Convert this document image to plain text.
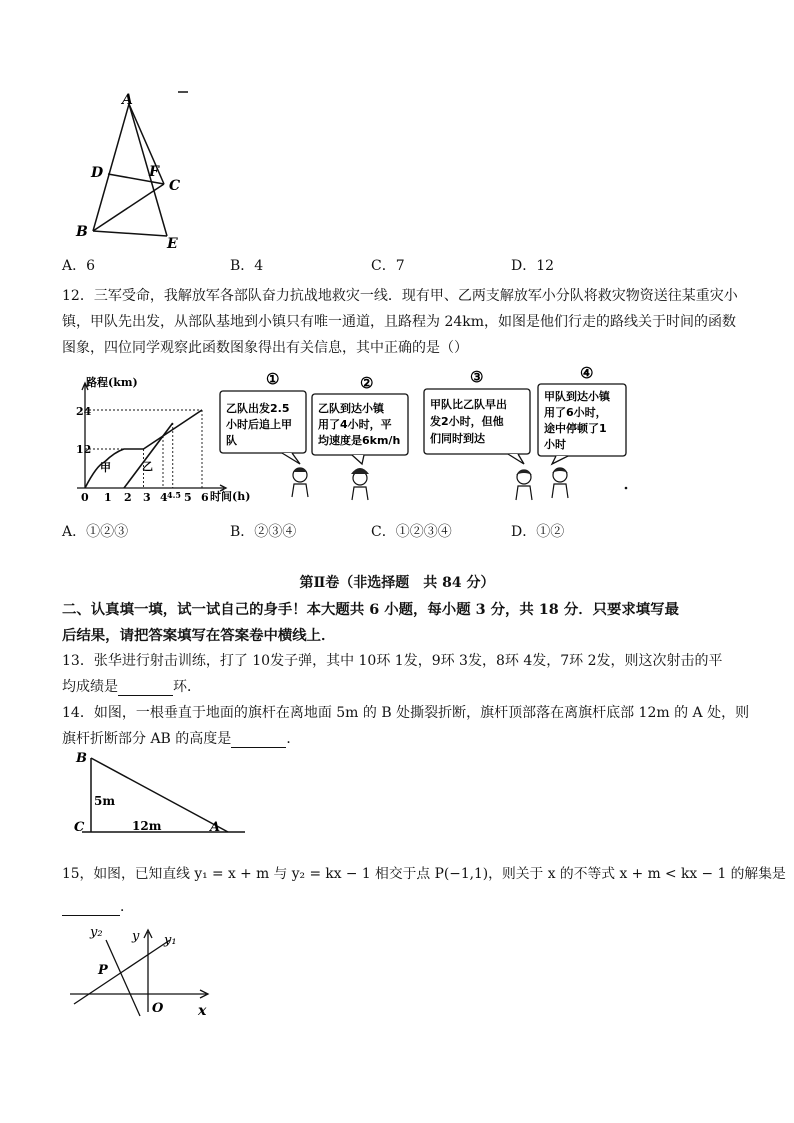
A
D	F
C
B
E
A．6	B．4	C．7	D．12
12．三军受命，我解放军各部队奋力抗战地救灾一线．现有甲、乙两支解放军小分队将救灾物资送往某重灾小
镇，甲队先出发，从部队基地到小镇只有唯一通道，且路程为 24km，如图是他们行走的路线关于时间的函数
图象，四位同学观察此函数图象得出有关信息，其中正确的是（）
路程(km)
时间(h)
24
12
0 1 2 3 4 4.5 5 6
甲	乙
①
乙队出发2.5
小时后追上甲
队
②
乙队到达小镇
用了4小时，平
均速度是6km/h
③
甲队比乙队早出
发2小时，但他
们同时到达
④
甲队到达小镇
用了6小时，
途中停顿了1
小时
A．①②③	B．②③④	C．①②③④	D．①②
第Ⅱ卷（非选择题　共 84 分）
二、认真填一填，试一试自己的身手！本大题共 6 小题，每小题 3 分，共 18 分．只要求填写最
后结果，请把答案填写在答案卷中横线上．
13．张华进行射击训练，打了 10发子弹，其中 10环 1发，9环 3发，8环 4发，7环 2发，则这次射击的平
均成绩是	环．
14．如图，一根垂直于地面的旗杆在离地面 5m 的 B 处撕裂折断，旗杆顶部落在离旗杆底部 12m 的 A 处，则
旗杆折断部分 AB 的高度是	．
B
C	A
5m
12m
15，如图，已知直线 y₁ = x + m 与 y₂ = kx − 1 相交于点 P(−1,1)，则关于 x 的不等式 x + m < kx − 1 的解集是
．
y₂ y y₁
P
O x
